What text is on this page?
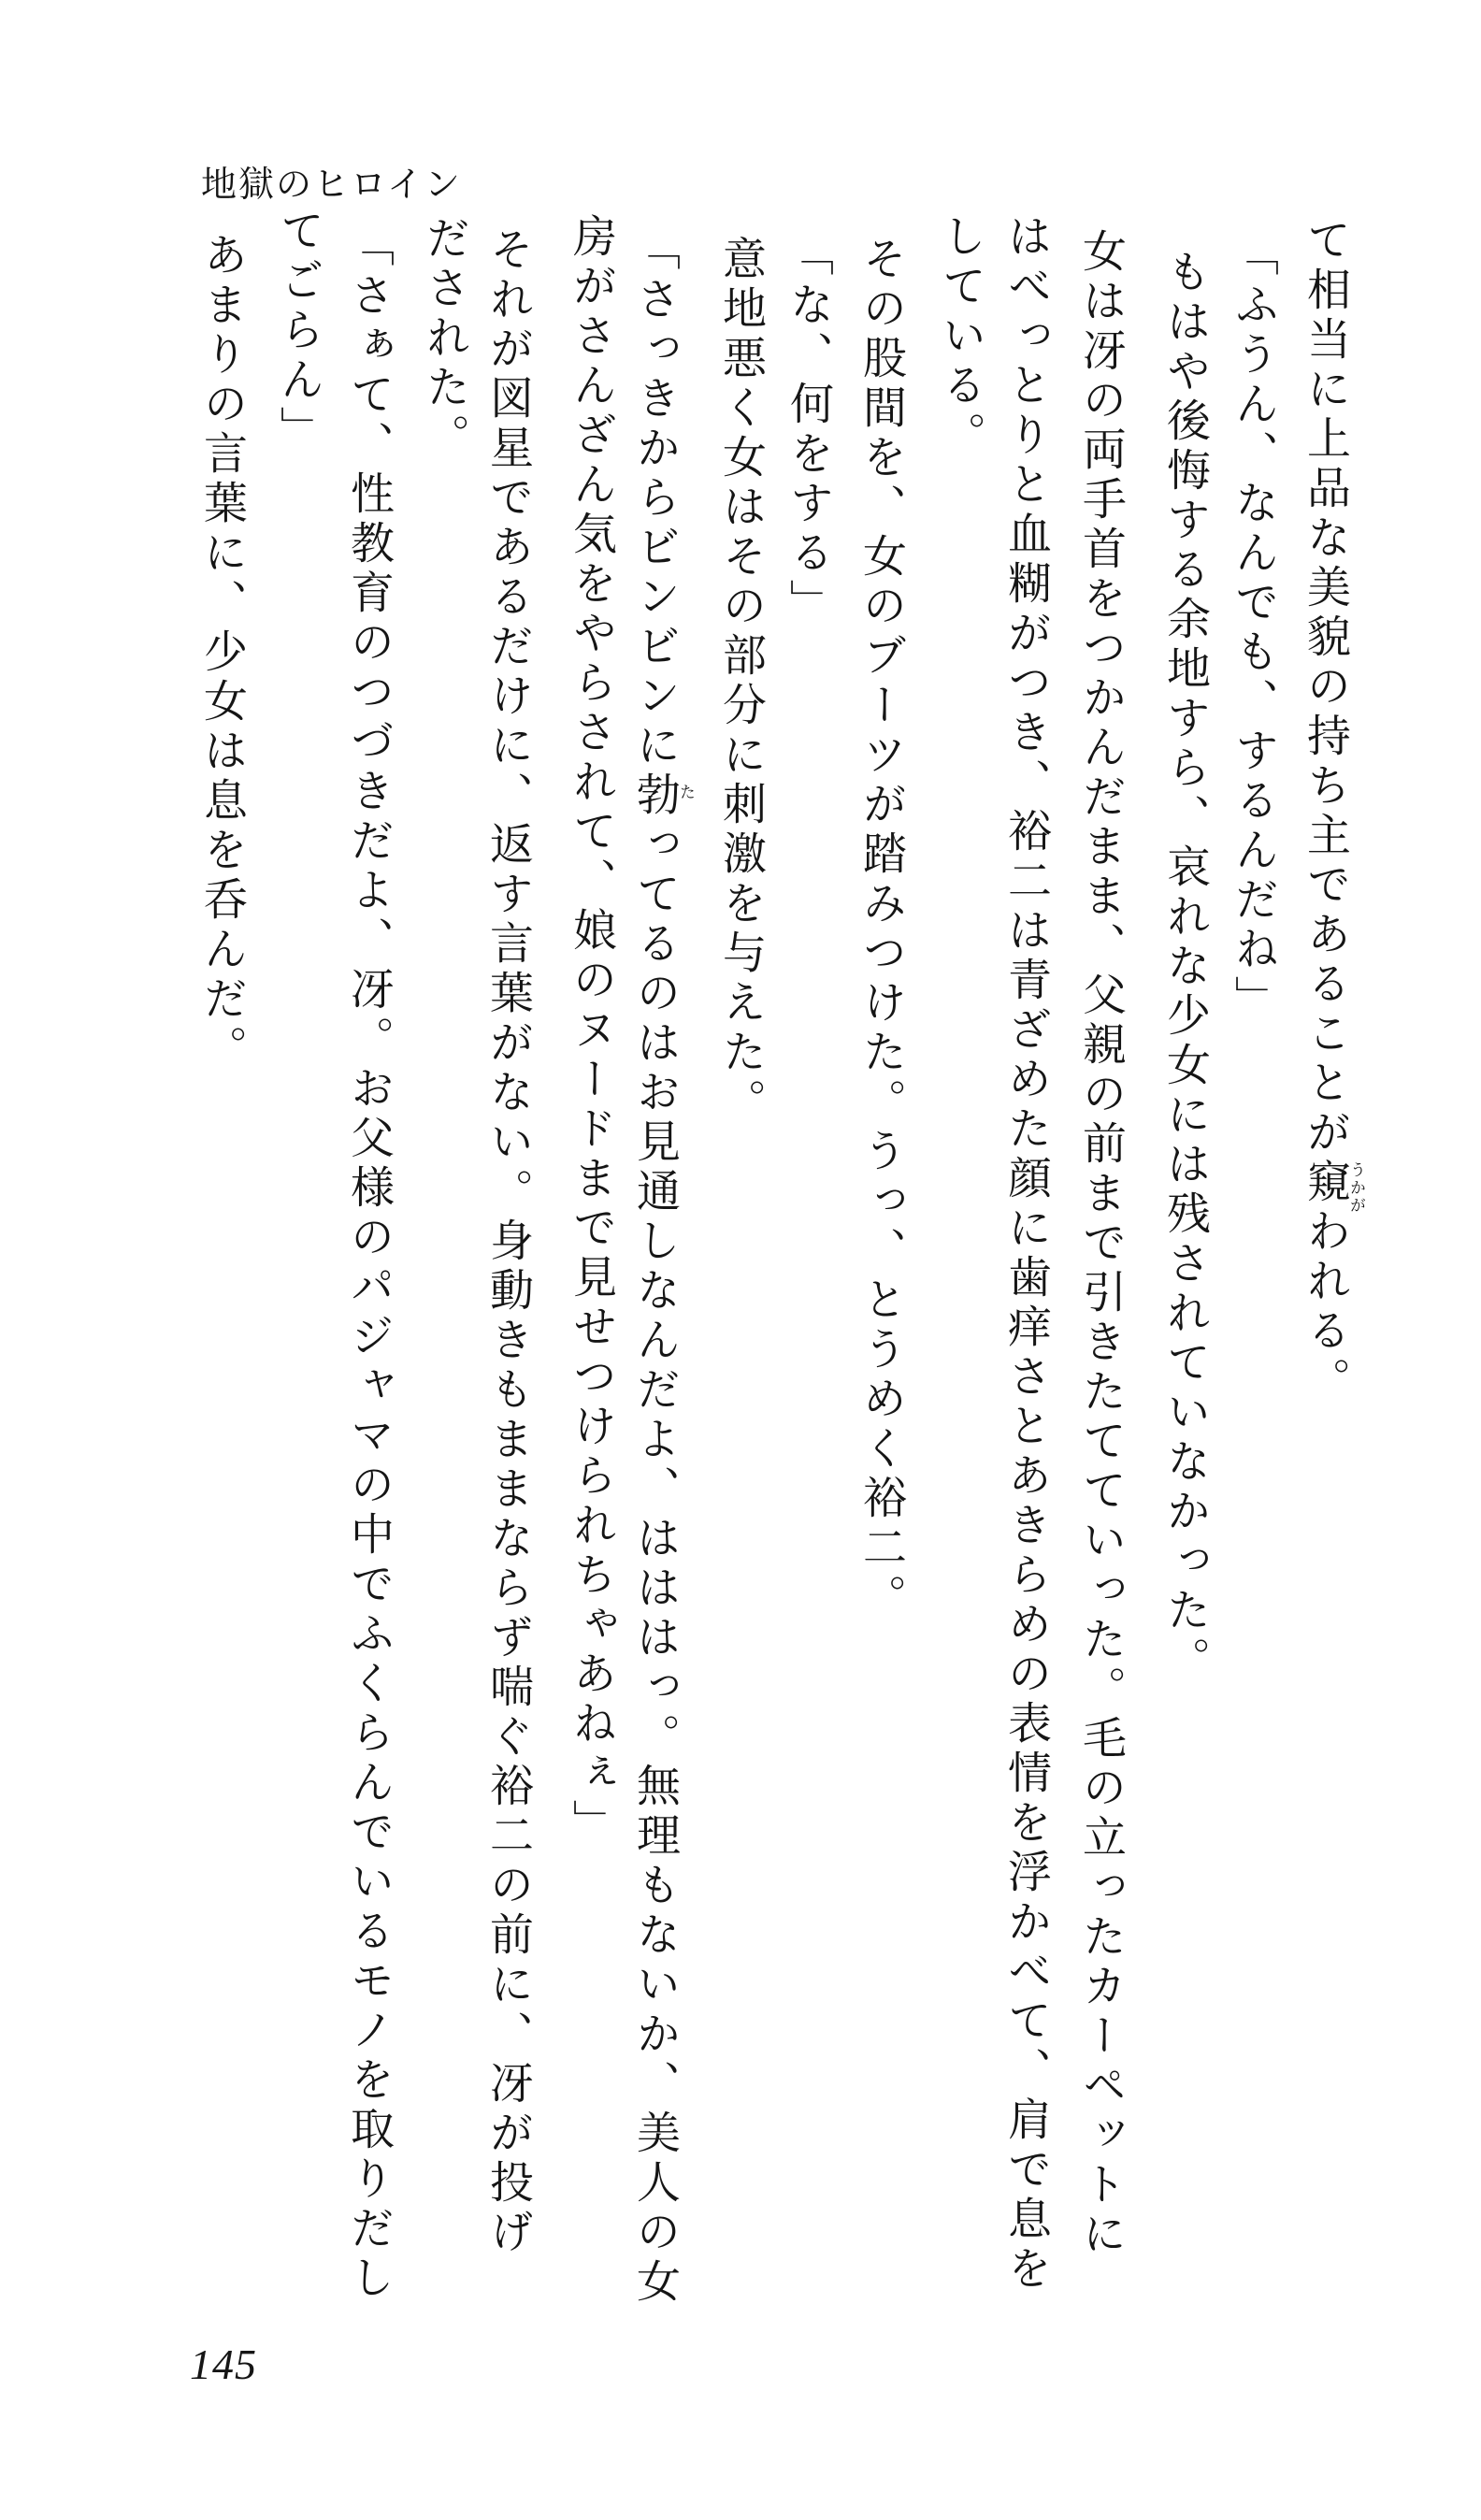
地獄のヒロイン
145
て相当に上品な美貌の持ち主であることが窺われる。
「ふうん、なんでも、するんだね」
もはや後悔する余地すら、哀れな少女には残されていなかった。
女は冴の両手首をつかんだまま、父親の前まで引きたてていった。毛の立ったカーペットに
はべっとりと血糊がつき、裕二は青ざめた顔に歯痒さとあきらめの表情を浮かべて、肩で息を
している。
その股間を、女のブーツが踏みつけた。うっ、とうめく裕二。
「な、何をする」
意地悪く女はその部分に刺激を与えた。
「さっきからビンビンに勃ってるのはお見通しなんだよ、はははっ。無理もないか、美人の女
房がさんざん気をやらされて、娘のヌードまで見せつけられちゃあねぇ」
それが図星であるだけに、返す言葉がない。身動きもままならず喘ぐ裕二の前に、冴が投げ
だされた。
「さぁて、性教育のつづきだよ、冴。お父様のパジャマの中でふくらんでいるモノを取りだし
てごらん」
あまりの言葉に、少女は息を呑んだ。
うかが
た
